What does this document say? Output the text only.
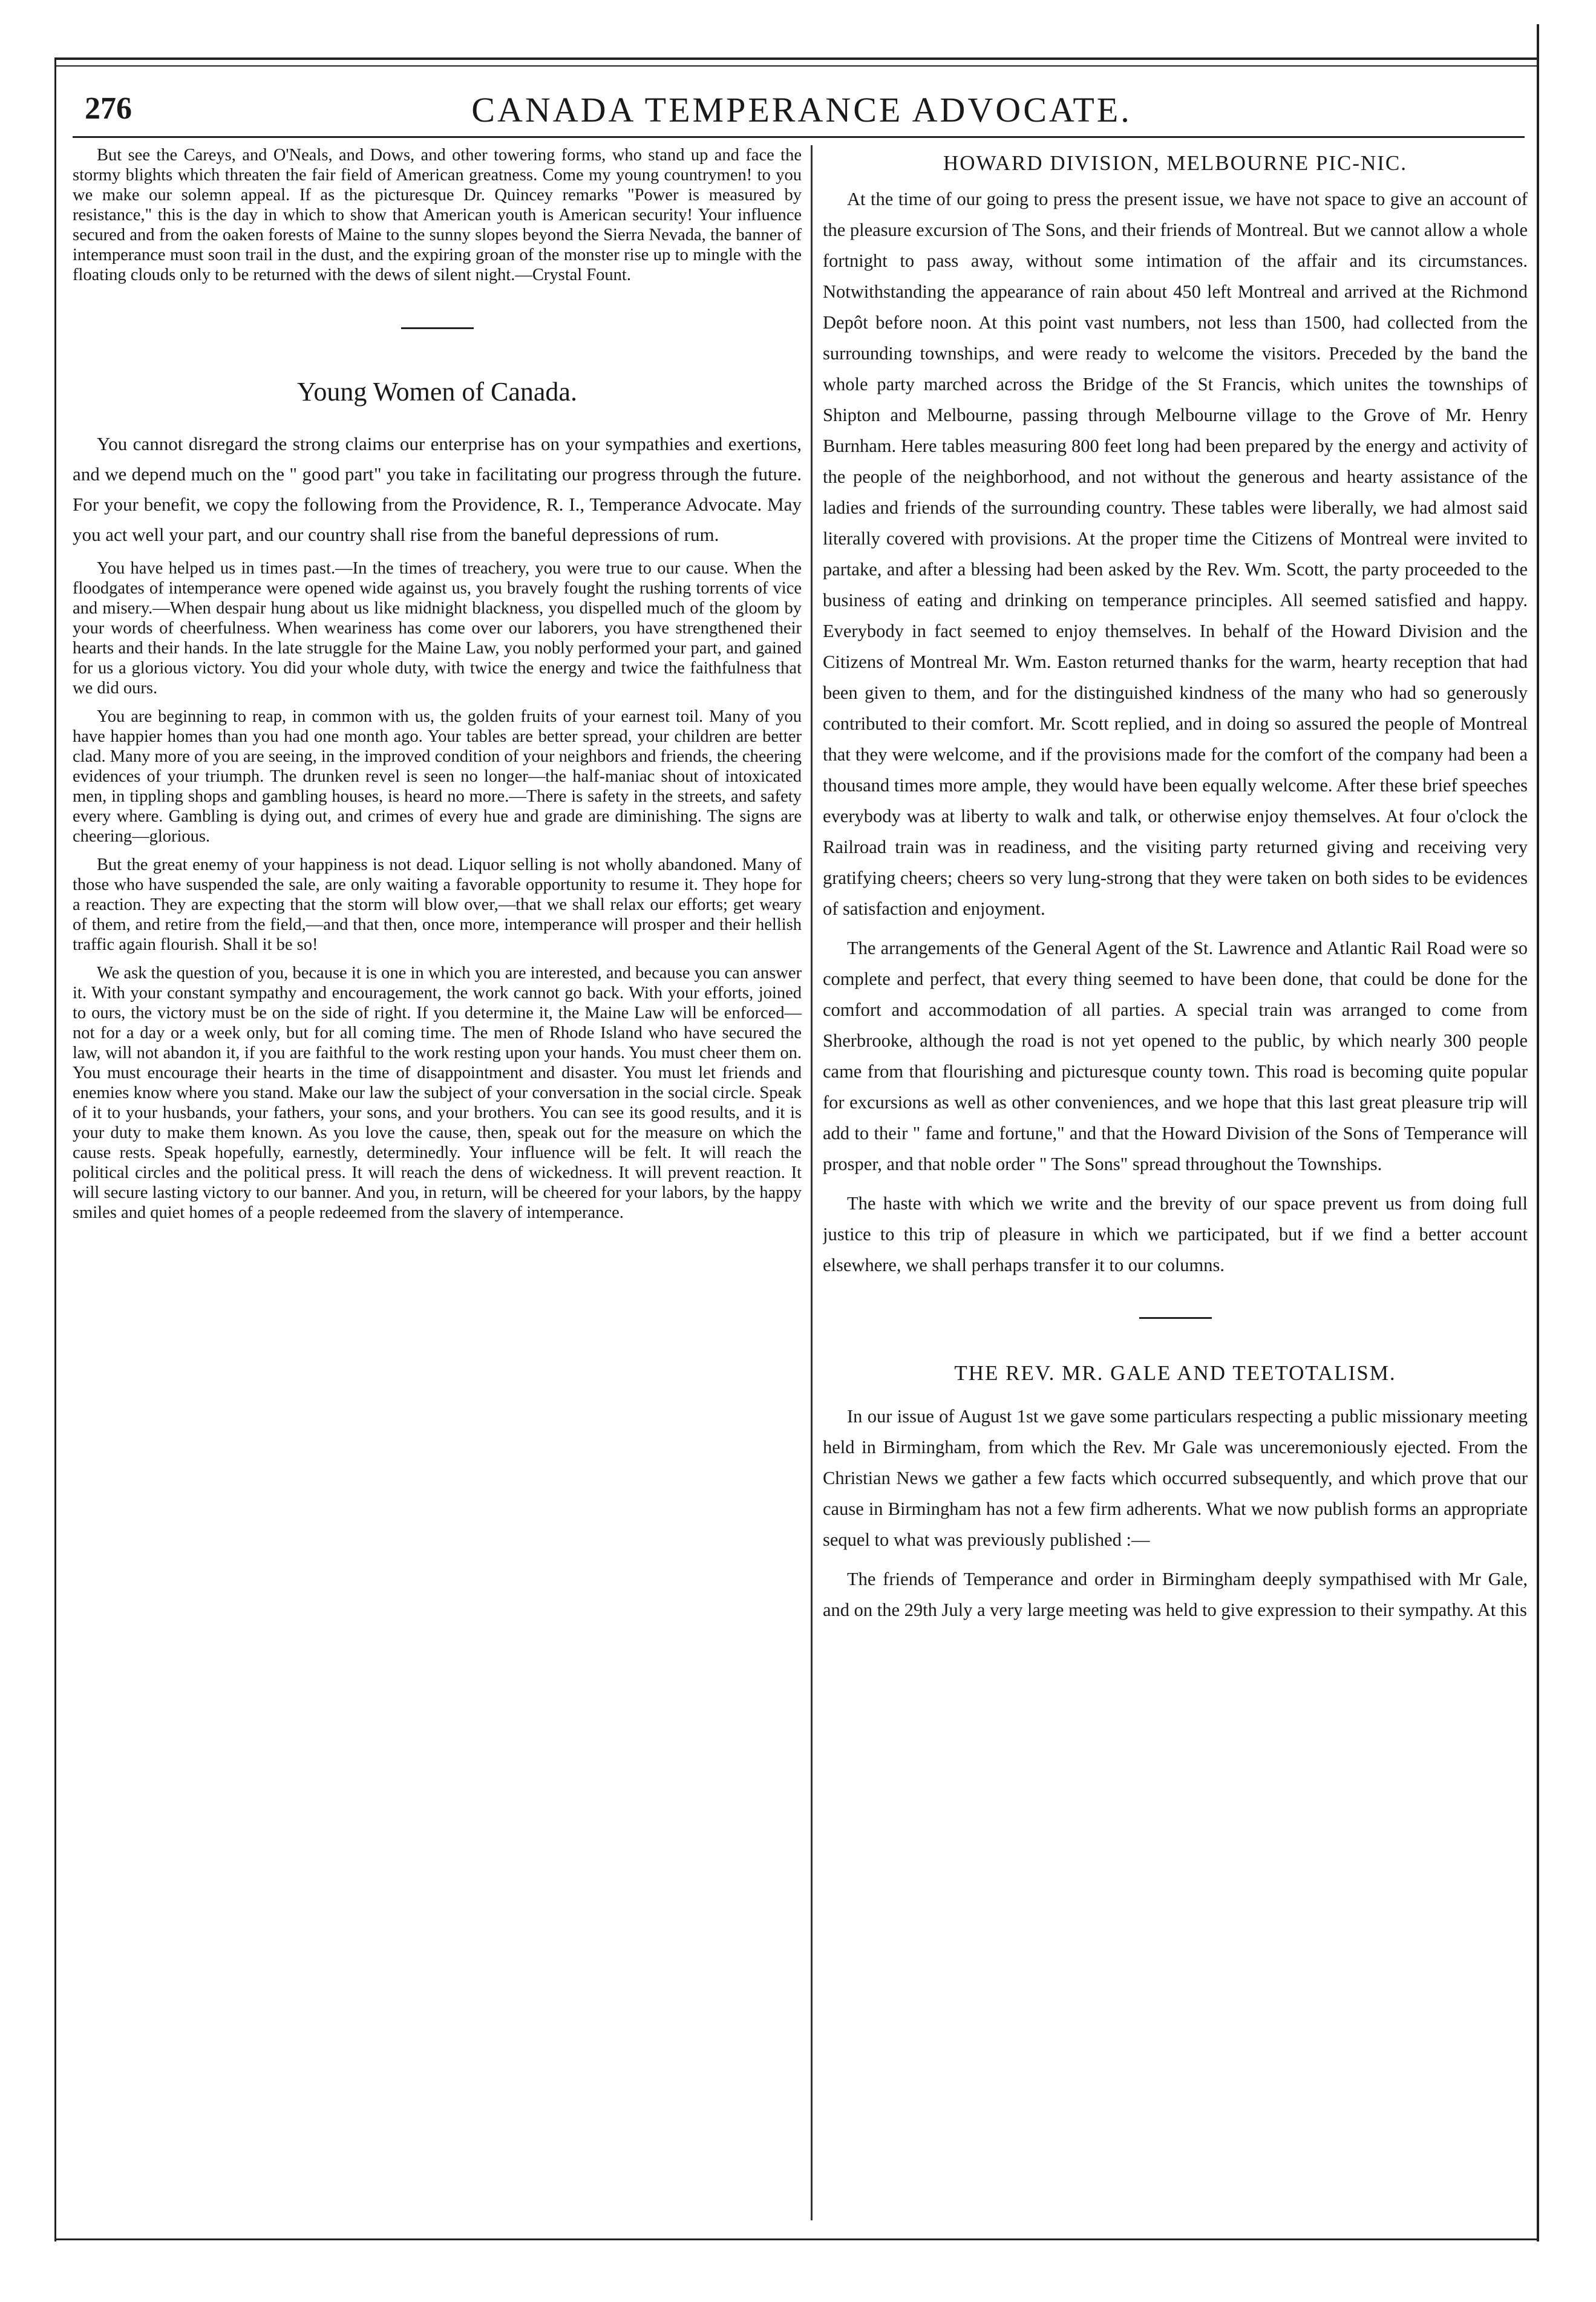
276	CANADA TEMPERANCE ADVOCATE.

But see the Careys, and O'Neals, and Dows, and other towering forms, who stand up and face the stormy blights which threaten the fair field of American greatness. Come my young countrymen! to you we make our solemn appeal. If as the picturesque Dr. Quincey remarks "Power is measured by resistance," this is the day in which to show that American youth is American security! Your influence secured and from the oaken forests of Maine to the sunny slopes beyond the Sierra Nevada, the banner of intemperance must soon trail in the dust, and the expiring groan of the monster rise up to mingle with the floating clouds only to be returned with the dews of silent night.—Crystal Fount.

Young Women of Canada.

You cannot disregard the strong claims our enterprise has on your sympathies and exertions, and we depend much on the " good part" you take in facilitating our progress through the future. For your benefit, we copy the following from the Providence, R. I., Temperance Advocate. May you act well your part, and our country shall rise from the baneful depressions of rum.

You have helped us in times past.—In the times of treachery, you were true to our cause. When the floodgates of intemperance were opened wide against us, you bravely fought the rushing torrents of vice and misery.—When despair hung about us like midnight blackness, you dispelled much of the gloom by your words of cheerfulness. When weariness has come over our laborers, you have strengthened their hearts and their hands. In the late struggle for the Maine Law, you nobly performed your part, and gained for us a glorious victory. You did your whole duty, with twice the energy and twice the faithfulness that we did ours.

You are beginning to reap, in common with us, the golden fruits of your earnest toil. Many of you have happier homes than you had one month ago. Your tables are better spread, your children are better clad. Many more of you are seeing, in the improved condition of your neighbors and friends, the cheering evidences of your triumph. The drunken revel is seen no longer—the half-maniac shout of intoxicated men, in tippling shops and gambling houses, is heard no more.—There is safety in the streets, and safety every where. Gambling is dying out, and crimes of every hue and grade are diminishing. The signs are cheering—glorious.

But the great enemy of your happiness is not dead. Liquor selling is not wholly abandoned. Many of those who have suspended the sale, are only waiting a favorable opportunity to resume it. They hope for a reaction. They are expecting that the storm will blow over,—that we shall relax our efforts; get weary of them, and retire from the field,—and that then, once more, intemperance will prosper and their hellish traffic again flourish. Shall it be so!

We ask the question of you, because it is one in which you are interested, and because you can answer it. With your constant sympathy and encouragement, the work cannot go back. With your efforts, joined to ours, the victory must be on the side of right. If you determine it, the Maine Law will be enforced—not for a day or a week only, but for all coming time. The men of Rhode Island who have secured the law, will not abandon it, if you are faithful to the work resting upon your hands. You must cheer them on. You must encourage their hearts in the time of disappointment and disaster. You must let friends and enemies know where you stand. Make our law the subject of your conversation in the social circle. Speak of it to your husbands, your fathers, your sons, and your brothers. You can see its good results, and it is your duty to make them known. As you love the cause, then, speak out for the measure on which the cause rests. Speak hopefully, earnestly, determinedly. Your influence will be felt. It will reach the political circles and the political press. It will reach the dens of wickedness. It will prevent reaction. It will secure lasting victory to our banner. And you, in return, will be cheered for your labors, by the happy smiles and quiet homes of a people redeemed from the slavery of intemperance.

HOWARD DIVISION, MELBOURNE PIC-NIC.

At the time of our going to press the present issue, we have not space to give an account of the pleasure excursion of The Sons, and their friends of Montreal. But we cannot allow a whole fortnight to pass away, without some intimation of the affair and its circumstances. Notwithstanding the appearance of rain about 450 left Montreal and arrived at the Richmond Depôt before noon. At this point vast numbers, not less than 1500, had collected from the surrounding townships, and were ready to welcome the visitors. Preceded by the band the whole party marched across the Bridge of the St Francis, which unites the townships of Shipton and Melbourne, passing through Melbourne village to the Grove of Mr. Henry Burnham. Here tables measuring 800 feet long had been prepared by the energy and activity of the people of the neighborhood, and not without the generous and hearty assistance of the ladies and friends of the surrounding country. These tables were liberally, we had almost said literally covered with provisions. At the proper time the Citizens of Montreal were invited to partake, and after a blessing had been asked by the Rev. Wm. Scott, the party proceeded to the business of eating and drinking on temperance principles. All seemed satisfied and happy. Everybody in fact seemed to enjoy themselves. In behalf of the Howard Division and the Citizens of Montreal Mr. Wm. Easton returned thanks for the warm, hearty reception that had been given to them, and for the distinguished kindness of the many who had so generously contributed to their comfort. Mr. Scott replied, and in doing so assured the people of Montreal that they were welcome, and if the provisions made for the comfort of the company had been a thousand times more ample, they would have been equally welcome. After these brief speeches everybody was at liberty to walk and talk, or otherwise enjoy themselves. At four o'clock the Railroad train was in readiness, and the visiting party returned giving and receiving very gratifying cheers; cheers so very lung-strong that they were taken on both sides to be evidences of satisfaction and enjoyment.

The arrangements of the General Agent of the St. Lawrence and Atlantic Rail Road were so complete and perfect, that every thing seemed to have been done, that could be done for the comfort and accommodation of all parties. A special train was arranged to come from Sherbrooke, although the road is not yet opened to the public, by which nearly 300 people came from that flourishing and picturesque county town. This road is becoming quite popular for excursions as well as other conveniences, and we hope that this last great pleasure trip will add to their " fame and fortune," and that the Howard Division of the Sons of Temperance will prosper, and that noble order " The Sons" spread throughout the Townships.

The haste with which we write and the brevity of our space prevent us from doing full justice to this trip of pleasure in which we participated, but if we find a better account elsewhere, we shall perhaps transfer it to our columns.

THE REV. MR. GALE AND TEETOTALISM.

In our issue of August 1st we gave some particulars respecting a public missionary meeting held in Birmingham, from which the Rev. Mr Gale was unceremoniously ejected. From the Christian News we gather a few facts which occurred subsequently, and which prove that our cause in Birmingham has not a few firm adherents. What we now publish forms an appropriate sequel to what was previously published :—

The friends of Temperance and order in Birmingham deeply sympathised with Mr Gale, and on the 29th July a very large meeting was held to give expression to their sympathy. At this
